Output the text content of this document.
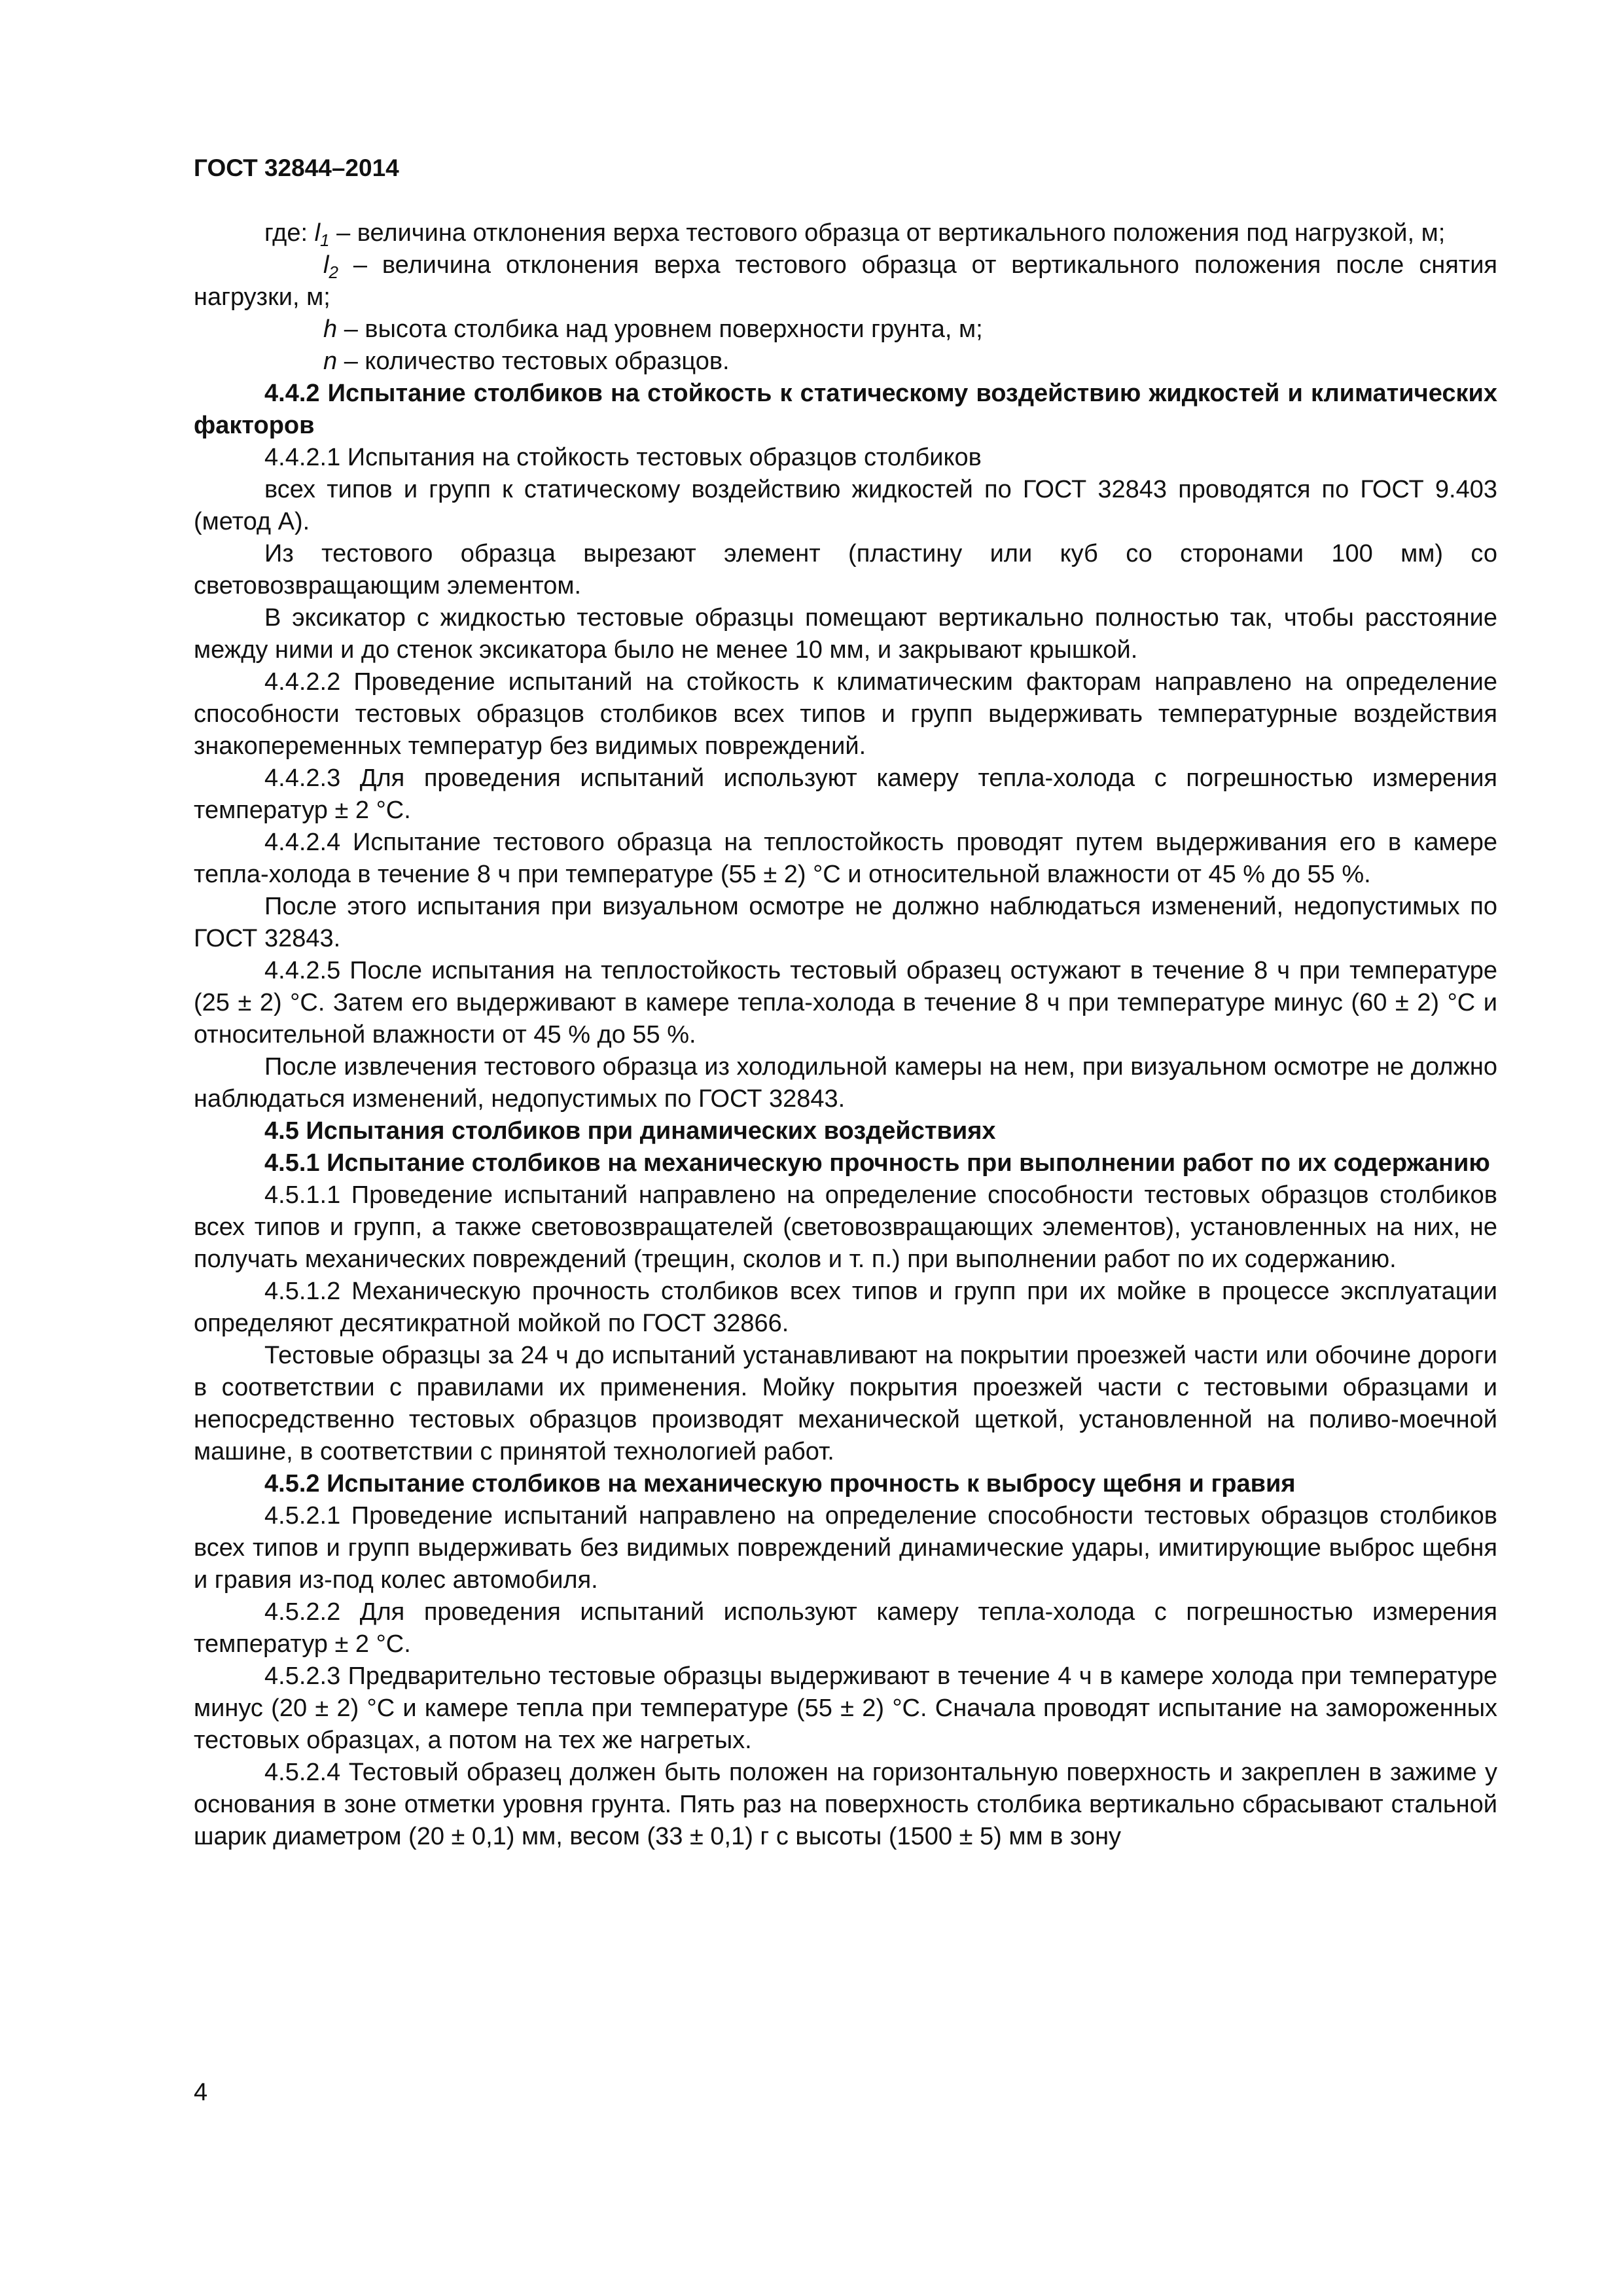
ГОСТ 32844–2014

где: $l_1$ – величина отклонения верха тестового образца от вертикального положения под нагрузкой, м;

$l_2$ – величина отклонения верха тестового образца от вертикального положения после снятия нагрузки, м;

h – высота столбика над уровнем поверхности грунта, м;

n – количество тестовых образцов.

4.4.2 Испытание столбиков на стойкость к статическому воздействию жидкостей и климатических факторов

4.4.2.1 Испытания на стойкость тестовых образцов столбиков

всех типов и групп к статическому воздействию жидкостей по ГОСТ 32843 проводятся по ГОСТ 9.403 (метод А).

Из тестового образца вырезают элемент (пластину или куб со сторонами 100 мм) со световозвращающим элементом.

В эксикатор с жидкостью тестовые образцы помещают вертикально полностью так, чтобы расстояние между ними и до стенок эксикатора было не менее 10 мм, и закрывают крышкой.

4.4.2.2 Проведение испытаний на стойкость к климатическим факторам направлено на определение способности тестовых образцов столбиков всех типов и групп выдерживать температурные воздействия знакопеременных температур без видимых повреждений.

4.4.2.3 Для проведения испытаний используют камеру тепла-холода с погрешностью измерения температур ± 2 °С.

4.4.2.4 Испытание тестового образца на теплостойкость проводят путем выдерживания его в камере тепла-холода в течение 8 ч при температуре (55 ± 2) °С и относительной влажности от 45 % до 55 %.

После этого испытания при визуальном осмотре не должно наблюдаться изменений, недопустимых по ГОСТ 32843.

4.4.2.5 После испытания на теплостойкость тестовый образец остужают в течение 8 ч при температуре (25 ± 2) °С. Затем его выдерживают в камере тепла-холода в течение 8 ч при температуре минус (60 ± 2) °С и относительной влажности от 45 % до 55 %.

После извлечения тестового образца из холодильной камеры на нем, при визуальном осмотре не должно наблюдаться изменений, недопустимых по ГОСТ 32843.

4.5 Испытания столбиков при динамических воздействиях

4.5.1 Испытание столбиков на механическую прочность при выполнении работ по их содержанию

4.5.1.1 Проведение испытаний направлено на определение способности тестовых образцов столбиков всех типов и групп, а также световозвращателей (световозвращающих элементов), установленных на них, не получать механических повреждений (трещин, сколов и т. п.) при выполнении работ по их содержанию.

4.5.1.2 Механическую прочность столбиков всех типов и групп при их мойке в процессе эксплуатации определяют десятикратной мойкой по ГОСТ 32866.

Тестовые образцы за 24 ч до испытаний устанавливают на покрытии проезжей части или обочине дороги в соответствии с правилами их применения. Мойку покрытия проезжей части с тестовыми образцами и непосредственно тестовых образцов производят механической щеткой, установленной на поливо-моечной машине, в соответствии с принятой технологией работ.

4.5.2 Испытание столбиков на механическую прочность к выбросу щебня и гравия

4.5.2.1 Проведение испытаний направлено на определение способности тестовых образцов столбиков всех типов и групп выдерживать без видимых повреждений динамические удары, имитирующие выброс щебня и гравия из-под колес автомобиля.

4.5.2.2 Для проведения испытаний используют камеру тепла-холода с погрешностью измерения температур ± 2 °С.

4.5.2.3 Предварительно тестовые образцы выдерживают в течение 4 ч в камере холода при температуре минус (20 ± 2) °С и камере тепла при температуре (55 ± 2) °С. Сначала проводят испытание на замороженных тестовых образцах, а потом на тех же нагретых.

4.5.2.4 Тестовый образец должен быть положен на горизонтальную поверхность и закреплен в зажиме у основания в зоне отметки уровня грунта. Пять раз на поверхность столбика вертикально сбрасывают стальной шарик диаметром (20 ± 0,1) мм, весом (33 ± 0,1) г с высоты (1500 ± 5) мм в зону

4
